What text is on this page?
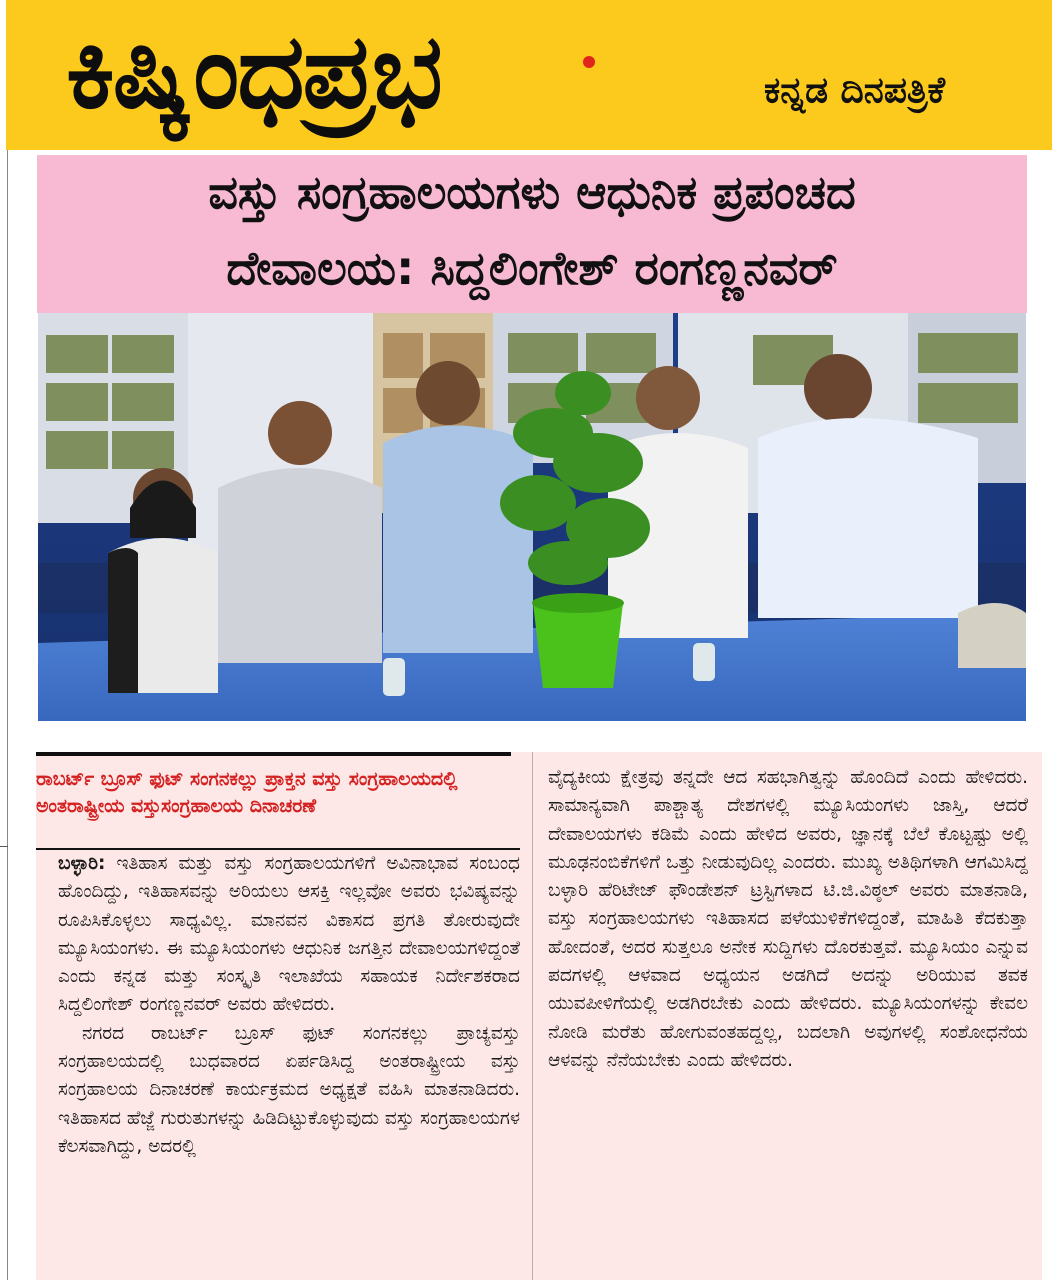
ಕಿಷ್ಕಿಂಧಪ್ರಭ	ಕನ್ನಡ ದಿನಪತ್ರಿಕೆ
ವಸ್ತು ಸಂಗ್ರಹಾಲಯಗಳು ಆಧುನಿಕ ಪ್ರಪಂಚದ
ದೇವಾಲಯ: ಸಿದ್ದಲಿಂಗೇಶ್ ರಂಗಣ್ಣನವರ್
ರಾಬರ್ಟ್ ಬ್ರೂಸ್ ಫುಟ್ ಸಂಗನಕಲ್ಲು ಪ್ರಾಕ್ತನ ವಸ್ತು ಸಂಗ್ರಹಾಲಯದಲ್ಲಿ ಅಂತರಾಷ್ಟ್ರೀಯ ವಸ್ತುಸಂಗ್ರಹಾಲಯ ದಿನಾಚರಣೆ
ಬಳ್ಳಾರಿ: ಇತಿಹಾಸ ಮತ್ತು ವಸ್ತು ಸಂಗ್ರಹಾಲಯಗಳಿಗೆ ಅವಿನಾಭಾವ ಸಂಬಂಧ ಹೊಂದಿದ್ದು, ಇತಿಹಾಸವನ್ನು ಅರಿಯಲು ಆಸಕ್ತಿ ಇಲ್ಲವೋ ಅವರು ಭವಿಷ್ಯವನ್ನು ರೂಪಿಸಿಕೊಳ್ಳಲು ಸಾಧ್ಯವಿಲ್ಲ. ಮಾನವನ ವಿಕಾಸದ ಪ್ರಗತಿ ತೋರುವುದೇ ಮ್ಯೂಸಿಯಂಗಳು. ಈ ಮ್ಯೂಸಿಯಂಗಳು ಆಧುನಿಕ ಜಗತ್ತಿನ ದೇವಾಲಯಗಳಿದ್ದಂತೆ ಎಂದು ಕನ್ನಡ ಮತ್ತು ಸಂಸ್ಕೃತಿ ಇಲಾಖೆಯ ಸಹಾಯಕ ನಿರ್ದೇಶಕರಾದ ಸಿದ್ದಲಿಂಗೇಶ್ ರಂಗಣ್ಣನವರ್ ಅವರು ಹೇಳಿದರು.
ನಗರದ ರಾಬರ್ಟ್ ಬ್ರೂಸ್ ಫುಟ್ ಸಂಗನಕಲ್ಲು ಪ್ರಾಚ್ಯವಸ್ತು ಸಂಗ್ರಹಾಲಯದಲ್ಲಿ ಬುಧವಾರದ ಏರ್ಪಡಿಸಿದ್ದ ಅಂತರಾಷ್ಟ್ರೀಯ ವಸ್ತು ಸಂಗ್ರಹಾಲಯ ದಿನಾಚರಣೆ ಕಾರ್ಯಕ್ರಮದ ಅಧ್ಯಕ್ಷತೆ ವಹಿಸಿ ಮಾತನಾಡಿದರು. ಇತಿಹಾಸದ ಹೆಜ್ಜೆ ಗುರುತುಗಳನ್ನು ಹಿಡಿದಿಟ್ಟುಕೊಳ್ಳುವುದು ವಸ್ತು ಸಂಗ್ರಹಾಲಯಗಳ ಕೆಲಸವಾಗಿದ್ದು, ಅದರಲ್ಲಿ
ವೈದ್ಯಕೀಯ ಕ್ಷೇತ್ರವು ತನ್ನದೇ ಆದ ಸಹಭಾಗಿತ್ವನ್ನು ಹೊಂದಿದೆ ಎಂದು ಹೇಳಿದರು. ಸಾಮಾನ್ಯವಾಗಿ ಪಾಶ್ಚಾತ್ಯ ದೇಶಗಳಲ್ಲಿ ಮ್ಯೂಸಿಯಂಗಳು ಜಾಸ್ತಿ, ಆದರೆ ದೇವಾಲಯಗಳು ಕಡಿಮೆ ಎಂದು ಹೇಳಿದ ಅವರು, ಜ್ಞಾನಕ್ಕೆ ಬೆಲೆ ಕೊಟ್ಟಷ್ಟು ಅಲ್ಲಿ ಮೂಢನಂಬಿಕೆಗಳಿಗೆ ಒತ್ತು ನೀಡುವುದಿಲ್ಲ ಎಂದರು. ಮುಖ್ಯ ಅತಿಥಿಗಳಾಗಿ ಆಗಮಿಸಿದ್ದ ಬಳ್ಳಾರಿ ಹೆರಿಟೇಜ್ ಫೌಂಡೇಶನ್ ಟ್ರಸ್ಟಿಗಳಾದ ಟಿ.ಜಿ.ವಿಠ್ಠಲ್ ಅವರು ಮಾತನಾಡಿ, ವಸ್ತು ಸಂಗ್ರಹಾಲಯಗಳು ಇತಿಹಾಸದ ಪಳೆಯುಳಿಕೆಗಳಿದ್ದಂತೆ, ಮಾಹಿತಿ ಕೆದಕುತ್ತಾ ಹೋದಂತೆ, ಅದರ ಸುತ್ತಲೂ ಅನೇಕ ಸುದ್ದಿಗಳು ದೊರಕುತ್ತವೆ. ಮ್ಯೂಸಿಯಂ ಎನ್ನುವ ಪದಗಳಲ್ಲಿ ಆಳವಾದ ಅಧ್ಯಯನ ಅಡಗಿದೆ ಅದನ್ನು ಅರಿಯುವ ತವಕ ಯುವಪೀಳಿಗೆಯಲ್ಲಿ ಅಡಗಿರಬೇಕು ಎಂದು ಹೇಳಿದರು. ಮ್ಯೂಸಿಯಂಗಳನ್ನು ಕೇವಲ ನೋಡಿ ಮರೆತು ಹೋಗುವಂತಹದ್ದಲ್ಲ, ಬದಲಾಗಿ ಅವುಗಳಲ್ಲಿ ಸಂಶೋಧನೆಯ ಆಳವನ್ನು ನೆನೆಯಬೇಕು ಎಂದು ಹೇಳಿದರು.
